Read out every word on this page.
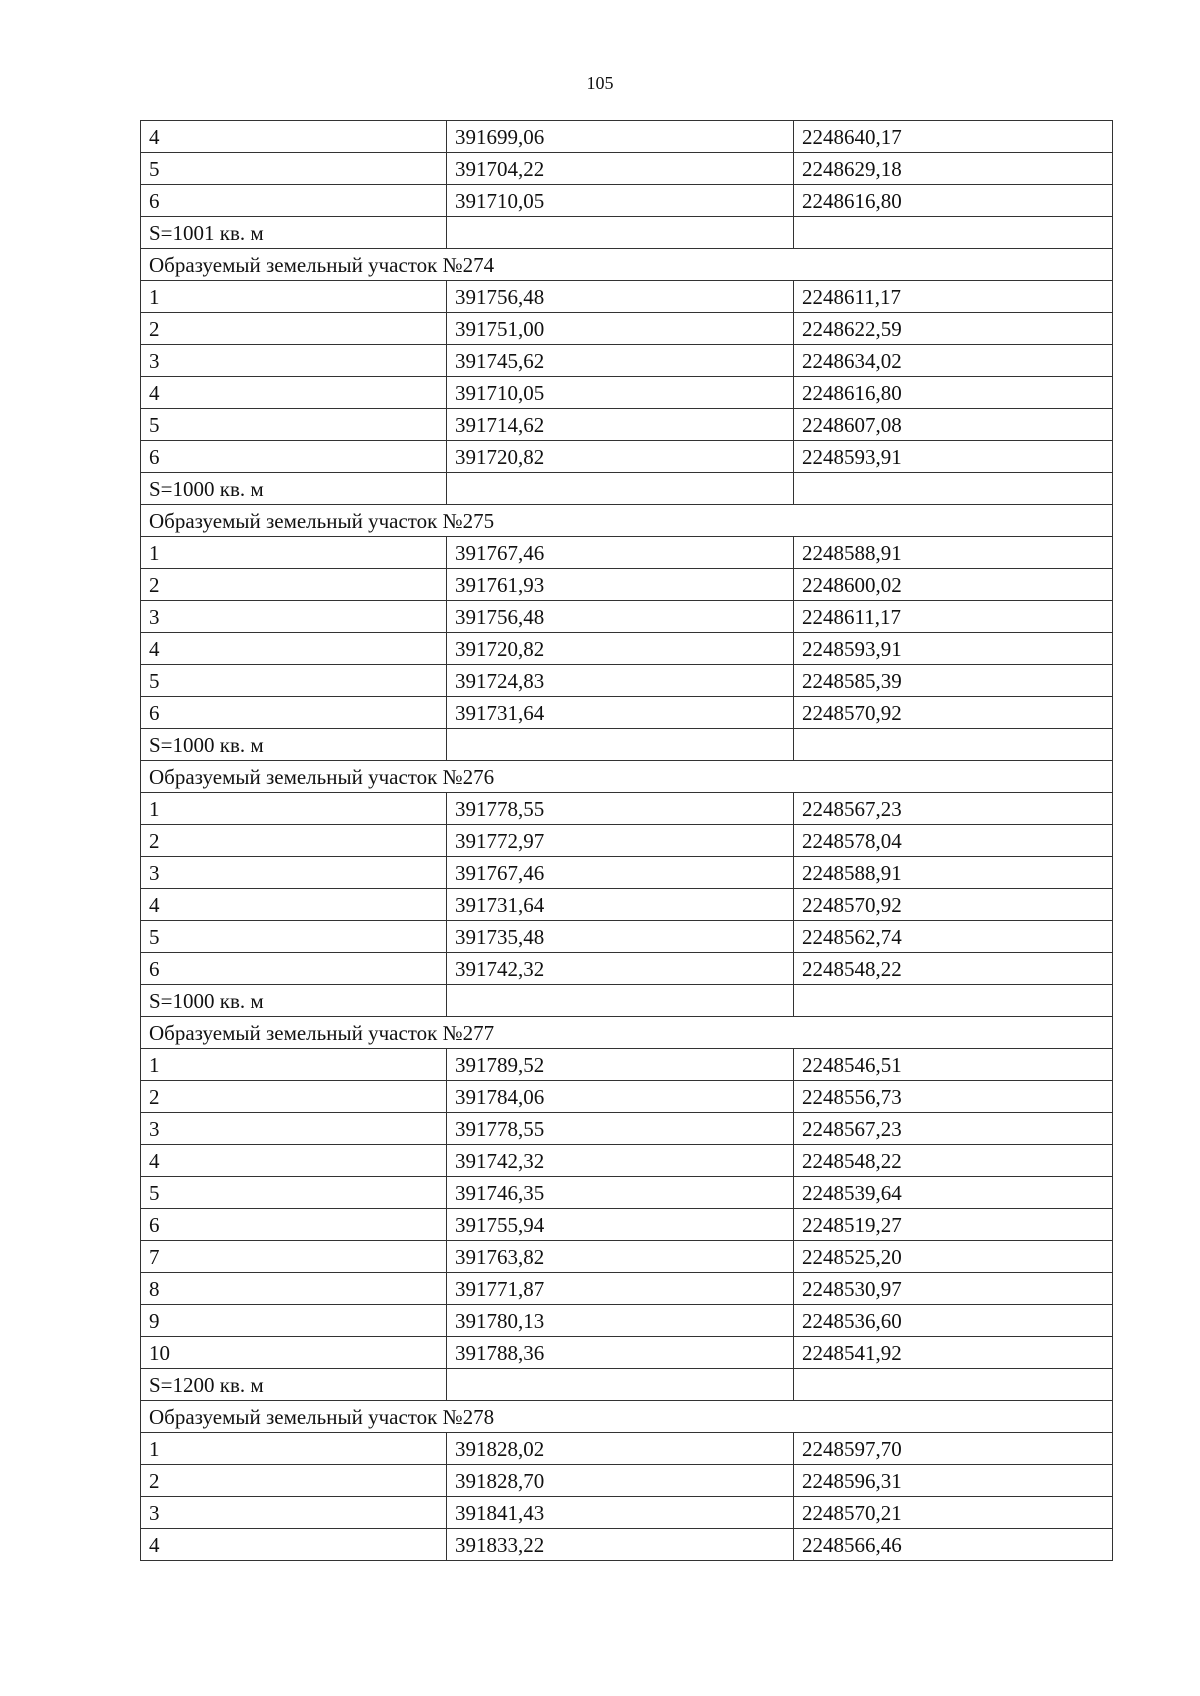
105
4	391699,06	2248640,17
5	391704,22	2248629,18
6	391710,05	2248616,80
S=1001 кв. м		
Образуемый земельный участок №274		
1	391756,48	2248611,17
2	391751,00	2248622,59
3	391745,62	2248634,02
4	391710,05	2248616,80
5	391714,62	2248607,08
6	391720,82	2248593,91
S=1000 кв. м		
Образуемый земельный участок №275		
1	391767,46	2248588,91
2	391761,93	2248600,02
3	391756,48	2248611,17
4	391720,82	2248593,91
5	391724,83	2248585,39
6	391731,64	2248570,92
S=1000 кв. м		
Образуемый земельный участок №276		
1	391778,55	2248567,23
2	391772,97	2248578,04
3	391767,46	2248588,91
4	391731,64	2248570,92
5	391735,48	2248562,74
6	391742,32	2248548,22
S=1000 кв. м		
Образуемый земельный участок №277		
1	391789,52	2248546,51
2	391784,06	2248556,73
3	391778,55	2248567,23
4	391742,32	2248548,22
5	391746,35	2248539,64
6	391755,94	2248519,27
7	391763,82	2248525,20
8	391771,87	2248530,97
9	391780,13	2248536,60
10	391788,36	2248541,92
S=1200 кв. м		
Образуемый земельный участок №278		
1	391828,02	2248597,70
2	391828,70	2248596,31
3	391841,43	2248570,21
4	391833,22	2248566,46
